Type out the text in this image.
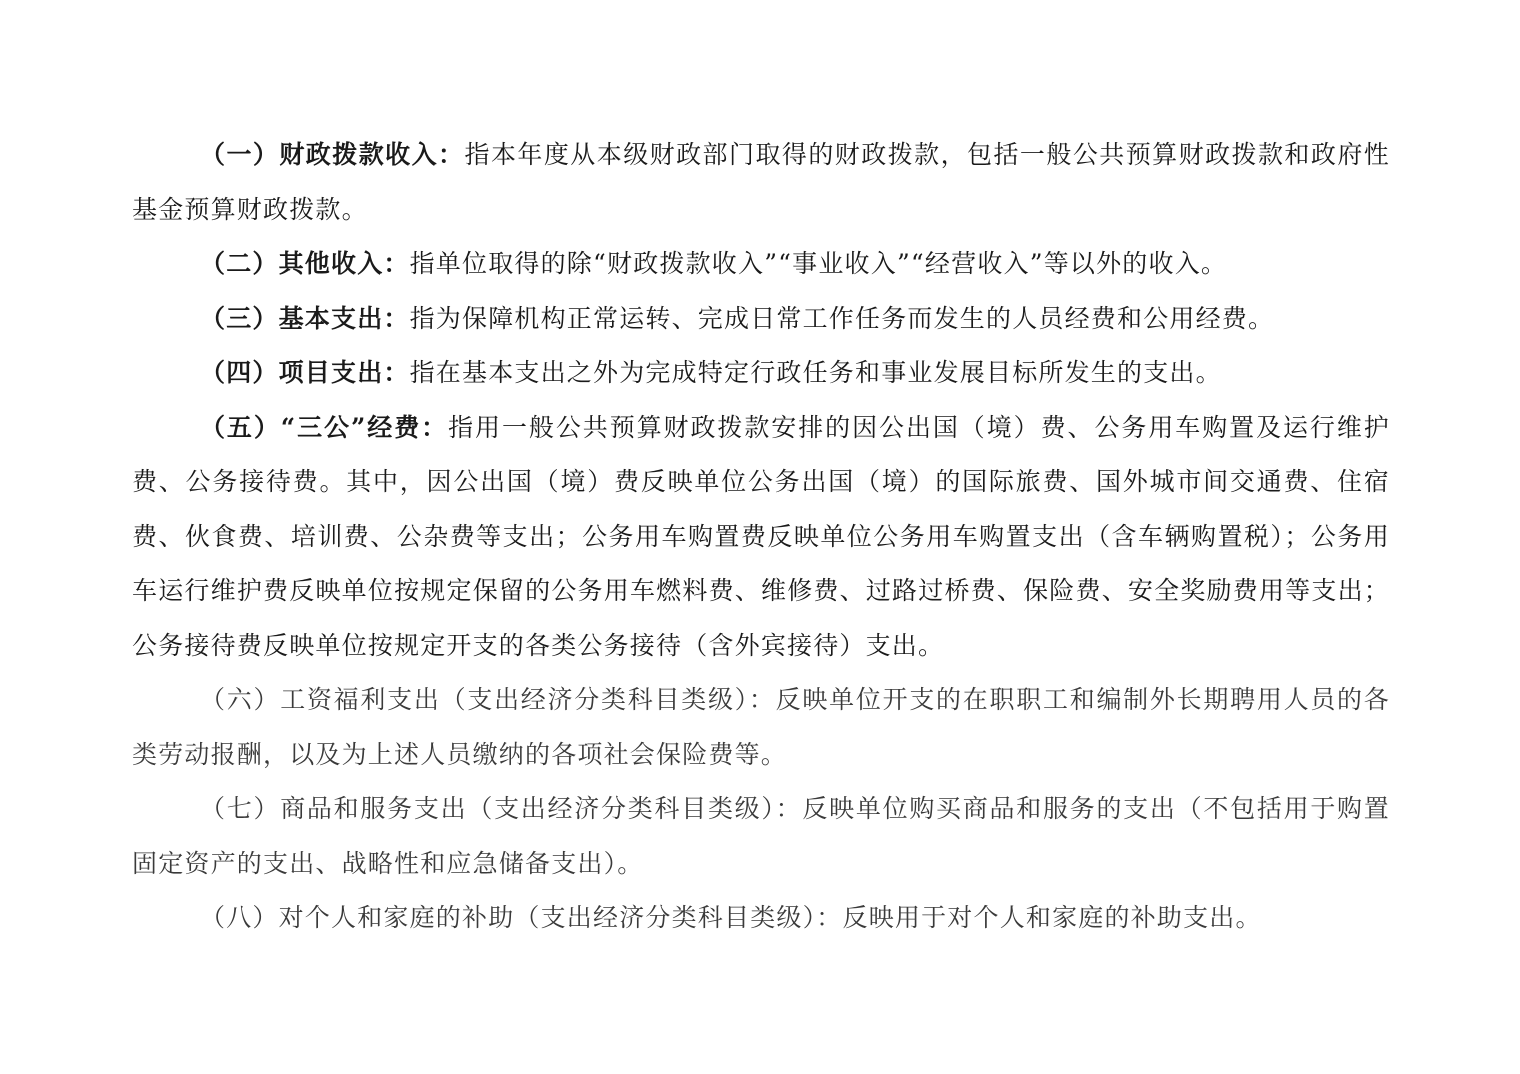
（一）财政拨款收入：指本年度从本级财政部门取得的财政拨款，包括一般公共预算财政拨款和政府性基金预算财政拨款。

（二）其他收入：指单位取得的除“财政拨款收入”“事业收入”“经营收入”等以外的收入。

（三）基本支出：指为保障机构正常运转、完成日常工作任务而发生的人员经费和公用经费。

（四）项目支出：指在基本支出之外为完成特定行政任务和事业发展目标所发生的支出。

（五）“三公”经费：指用一般公共预算财政拨款安排的因公出国（境）费、公务用车购置及运行维护费、公务接待费。其中，因公出国（境）费反映单位公务出国（境）的国际旅费、国外城市间交通费、住宿费、伙食费、培训费、公杂费等支出；公务用车购置费反映单位公务用车购置支出（含车辆购置税）；公务用车运行维护费反映单位按规定保留的公务用车燃料费、维修费、过路过桥费、保险费、安全奖励费用等支出；公务接待费反映单位按规定开支的各类公务接待（含外宾接待）支出。

（六）工资福利支出（支出经济分类科目类级）：反映单位开支的在职职工和编制外长期聘用人员的各类劳动报酬，以及为上述人员缴纳的各项社会保险费等。

（七）商品和服务支出（支出经济分类科目类级）：反映单位购买商品和服务的支出（不包括用于购置固定资产的支出、战略性和应急储备支出）。

（八）对个人和家庭的补助（支出经济分类科目类级）：反映用于对个人和家庭的补助支出。
